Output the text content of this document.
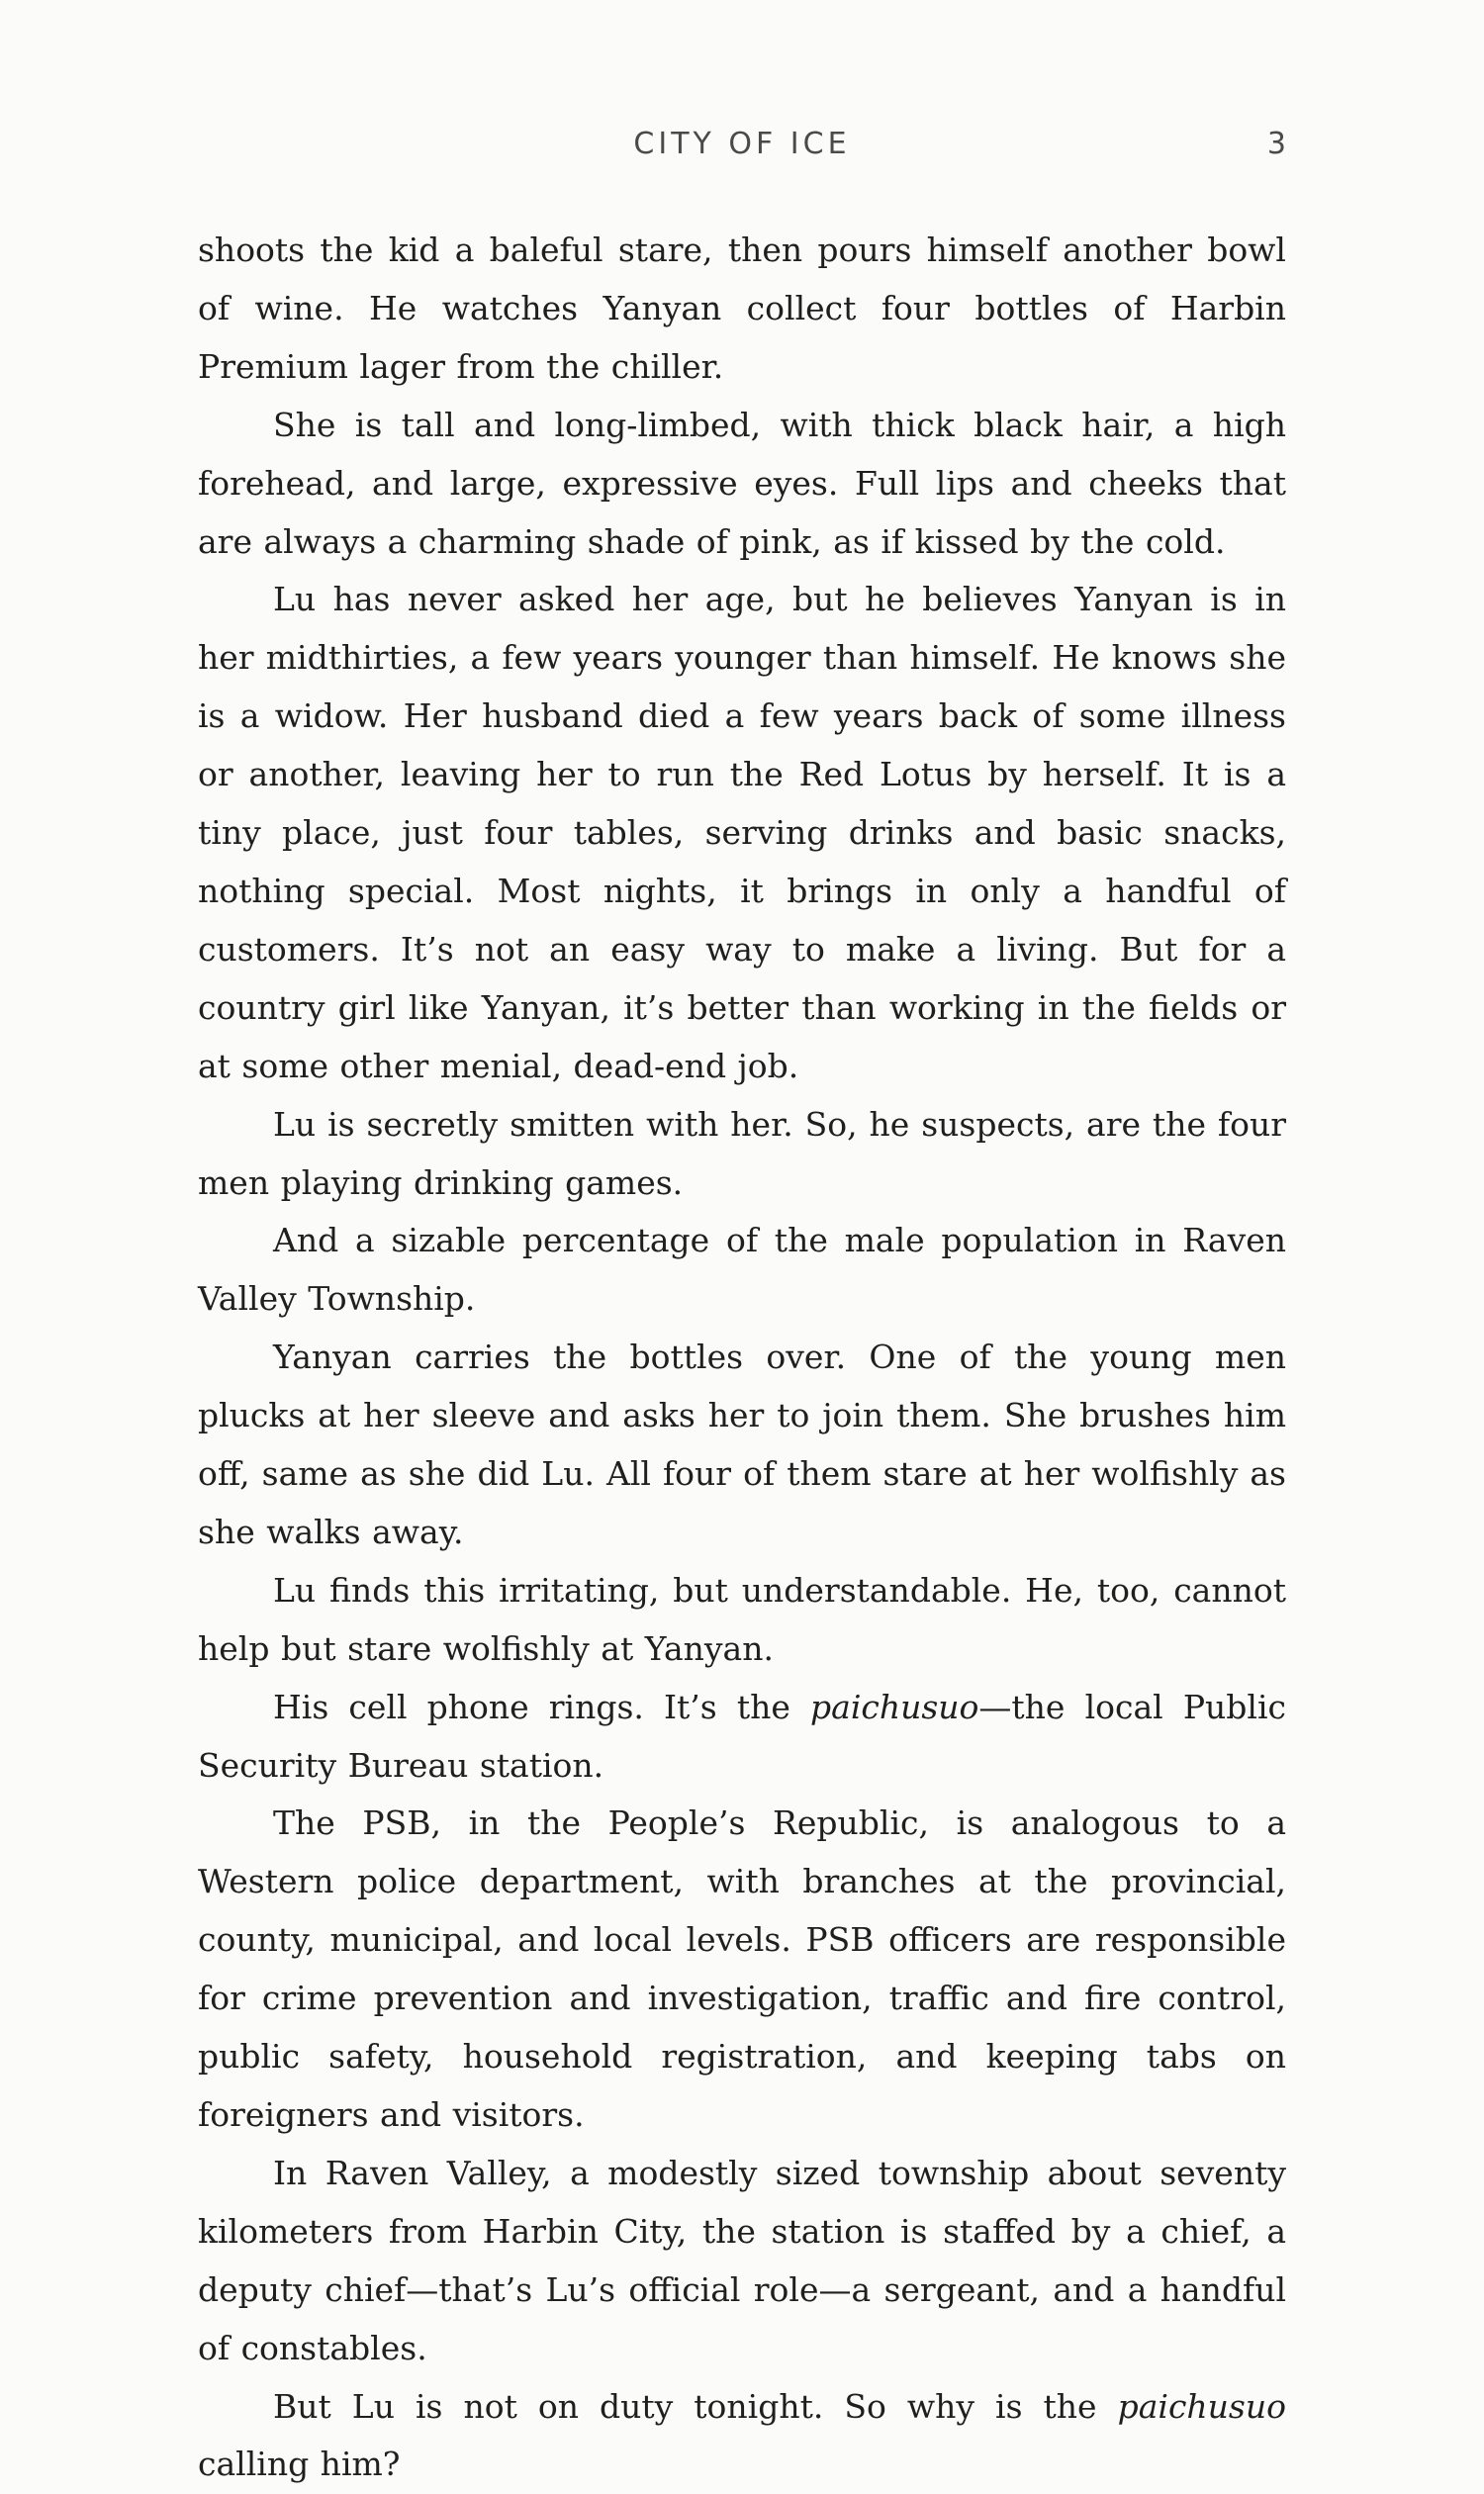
CITY OF ICE	3

shoots the kid a baleful stare, then pours himself another bowl of wine. He watches Yanyan collect four bottles of Harbin Premium lager from the chiller.

She is tall and long-limbed, with thick black hair, a high forehead, and large, expressive eyes. Full lips and cheeks that are always a charming shade of pink, as if kissed by the cold.

Lu has never asked her age, but he believes Yanyan is in her midthirties, a few years younger than himself. He knows she is a widow. Her husband died a few years back of some illness or another, leaving her to run the Red Lotus by herself. It is a tiny place, just four tables, serving drinks and basic snacks, nothing special. Most nights, it brings in only a handful of customers. It’s not an easy way to make a living. But for a country girl like Yanyan, it’s better than working in the fields or at some other menial, dead-end job.

Lu is secretly smitten with her. So, he suspects, are the four men playing drinking games.

And a sizable percentage of the male population in Raven Valley Township.

Yanyan carries the bottles over. One of the young men plucks at her sleeve and asks her to join them. She brushes him off, same as she did Lu. All four of them stare at her wolfishly as she walks away.

Lu finds this irritating, but understandable. He, too, cannot help but stare wolfishly at Yanyan.

His cell phone rings. It’s the paichusuo—the local Public Security Bureau station.

The PSB, in the People’s Republic, is analogous to a Western police department, with branches at the provincial, county, municipal, and local levels. PSB officers are responsible for crime prevention and investigation, traffic and fire control, public safety, household registration, and keeping tabs on foreigners and visitors.

In Raven Valley, a modestly sized township about seventy kilometers from Harbin City, the station is staffed by a chief, a deputy chief—that’s Lu’s official role—a sergeant, and a handful of constables.

But Lu is not on duty tonight. So why is the paichusuo calling him?
